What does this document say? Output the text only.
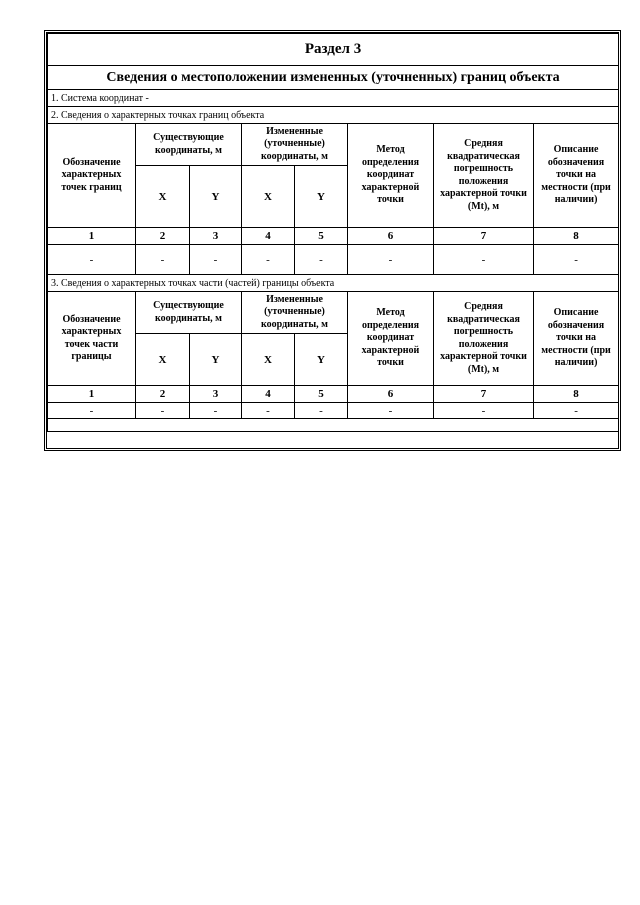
Раздел 3							
Сведения о местоположении измененных (уточненных) границ объекта							
1. Система координат -							
2. Сведения о характерных точках границ объекта							
Обозначение характерных точек границ	Существующие координаты, м		Измененные (уточненные) координаты, м		Метод определения координат характерной точки	Средняя квадратическая погрешность положения характерной точки (Mt), м	Описание обозначения точки на местности (при наличии)
	X	Y	X	Y			
1	2	3	4	5	6	7	8
-	-	-	-	-	-	-	-
3. Сведения о характерных точках части (частей) границы объекта							
Обозначение характерных точек части границы	Существующие координаты, м		Измененные (уточненные) координаты, м		Метод определения координат характерной точки	Средняя квадратическая погрешность положения характерной точки (Mt), м	Описание обозначения точки на местности (при наличии)
	X	Y	X	Y			
1	2	3	4	5	6	7	8
-	-	-	-	-	-	-	-
